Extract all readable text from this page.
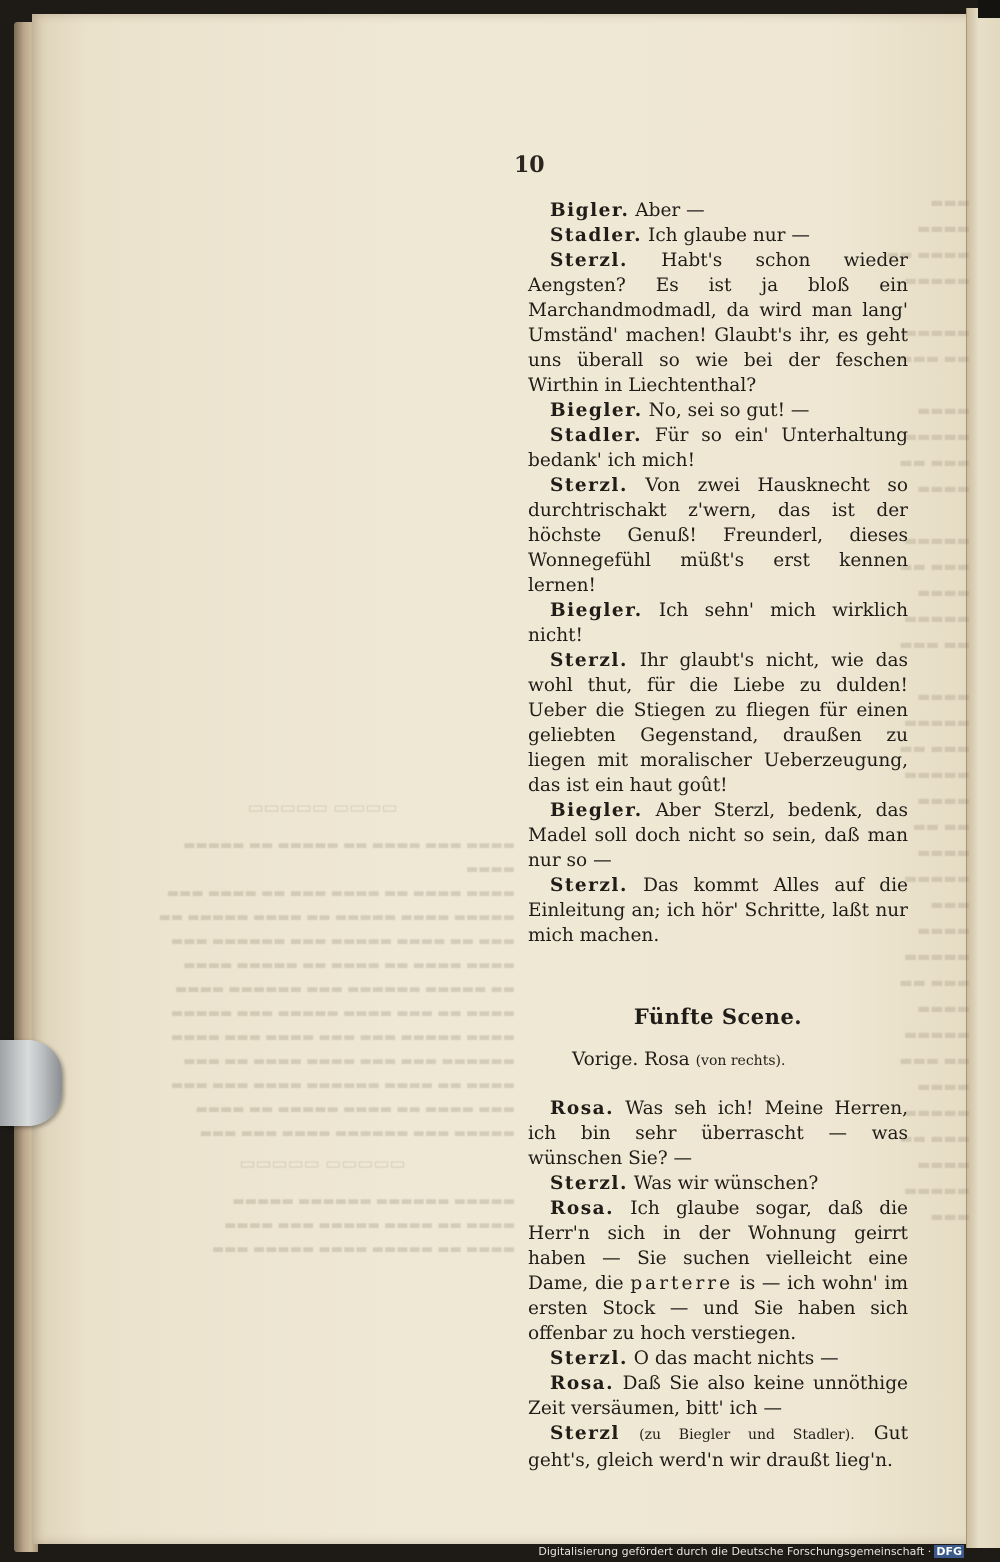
▭▭▭▭ ▭▭▭▭▭

▬▬▬▬ ▬▬▬ ▬▬▬▬ ▬▬ ▬▬▬▬▬ ▬▬ ▬▬▬▬▬ ▬▬▬▬

▬▬▬▬ ▬▬▬▬ ▬▬ ▬▬▬▬ ▬▬▬ ▬▬ ▬▬▬▬ ▬▬▬

▬▬▬▬▬ ▬▬▬▬ ▬▬▬▬▬ ▬▬ ▬▬▬▬ ▬▬▬▬▬ ▬▬

▬▬▬ ▬▬ ▬▬▬▬ ▬▬▬▬▬ ▬▬▬ ▬▬▬▬▬▬ ▬▬▬

▬▬▬▬ ▬▬▬▬ ▬▬ ▬▬▬▬ ▬▬ ▬▬▬▬▬ ▬▬▬▬

▬▬ ▬▬▬▬▬ ▬▬▬▬▬▬ ▬▬▬ ▬▬▬▬▬▬ ▬▬▬▬

▬▬▬▬ ▬▬ ▬▬▬ ▬▬▬▬ ▬▬▬▬▬ ▬▬▬ ▬▬▬▬▬

▬▬▬▬ ▬▬▬▬▬ ▬▬▬ ▬▬▬ ▬▬▬▬ ▬▬▬ ▬▬▬▬

▬▬▬▬▬▬ ▬▬▬ ▬▬▬ ▬▬▬▬ ▬▬▬▬ ▬▬ ▬▬▬

▬▬▬▬ ▬▬ ▬▬▬▬ ▬▬▬▬▬▬ ▬▬▬▬ ▬▬▬ ▬▬▬

▬▬▬ ▬▬▬▬ ▬▬ ▬▬▬▬ ▬▬▬▬▬ ▬▬ ▬▬▬▬

▬▬▬▬▬ ▬▬▬ ▬▬▬▬▬▬ ▬▬▬▬ ▬▬▬ ▬▬▬

▭▭▭▭▭ ▭▭▭▭▭

▬▬▬▬▬ ▬▬▬▬▬▬ ▬▬▬▬▬▬ ▬▬▬▬▬

▬▬▬▬ ▬▬ ▬▬▬▬ ▬▬▬▬▬ ▬▬▬ ▬▬▬▬

▬▬▬▬ ▬▬ ▬▬▬▬▬ ▬▬▬▬ ▬▬▬▬▬ ▬▬▬

▬▬▬ ▬▬▬▬
▬▬▬▬ ▬▬
▬▬▬▬▬

▬▬▬▬▬
▬▬ ▬▬▬

▬▬▬▬
▬▬▬▬▬
▬▬▬ ▬▬
▬▬▬▬

▬▬▬▬▬
▬▬▬ ▬▬
▬▬▬▬
▬▬▬▬▬
▬▬ ▬▬▬

▬▬▬▬
▬▬▬▬▬
▬▬▬ ▬▬
▬▬▬▬▬
▬▬▬▬
▬▬ ▬▬
▬▬▬▬
▬▬▬▬▬
▬▬▬
▬▬▬▬
▬▬▬▬▬
▬▬▬ ▬▬
▬▬▬▬
▬▬▬▬▬
▬▬ ▬▬▬
▬▬▬▬
▬▬▬▬▬
▬▬▬ ▬▬
▬▬▬▬
▬▬▬▬▬
▬▬▬
10

Bigler. Aber —

Stadler. Ich glaube nur —

Sterzl. Habt's schon wieder Aengsten? Es ist ja bloß ein Marchandmodmadl, da wird man lang' Umständ' machen! Glaubt's ihr, es geht uns überall so wie bei der feschen Wirthin in Liechtenthal?

Biegler. No, sei so gut! —

Stadler. Für so ein' Unterhaltung bedank' ich mich!

Sterzl. Von zwei Hausknecht so durchtrischakt z'wern, das ist der höchste Genuß! Freunderl, dieses Wonnegefühl müßt's erst kennen lernen!

Biegler. Ich sehn' mich wirklich nicht!

Sterzl. Ihr glaubt's nicht, wie das wohl thut, für die Liebe zu dulden! Ueber die Stiegen zu fliegen für einen geliebten Gegenstand, draußen zu liegen mit moralischer Ueberzeugung, das ist ein haut goût!

Biegler. Aber Sterzl, bedenk, das Madel soll doch nicht so sein, daß man nur so —

Sterzl. Das kommt Alles auf die Einleitung an; ich hör' Schritte, laßt nur mich machen.

Fünfte Scene.

Vorige. Rosa (von rechts).

Rosa. Was seh ich! Meine Herren, ich bin sehr überrascht — was wünschen Sie? —

Sterzl. Was wir wünschen?

Rosa. Ich glaube sogar, daß die Herr'n sich in der Wohnung geirrt haben — Sie suchen vielleicht eine Dame, die parterre is — ich wohn' im ersten Stock — und Sie haben sich offenbar zu hoch verstiegen.

Sterzl. O das macht nichts —

Rosa. Daß Sie also keine unnöthige Zeit versäumen, bitt' ich —

Sterzl (zu Biegler und Stadler). Gut geht's, gleich werd'n wir draußt lieg'n.

Digitalisierung gefördert durch die Deutsche Forschungsgemeinschaft · DFG
